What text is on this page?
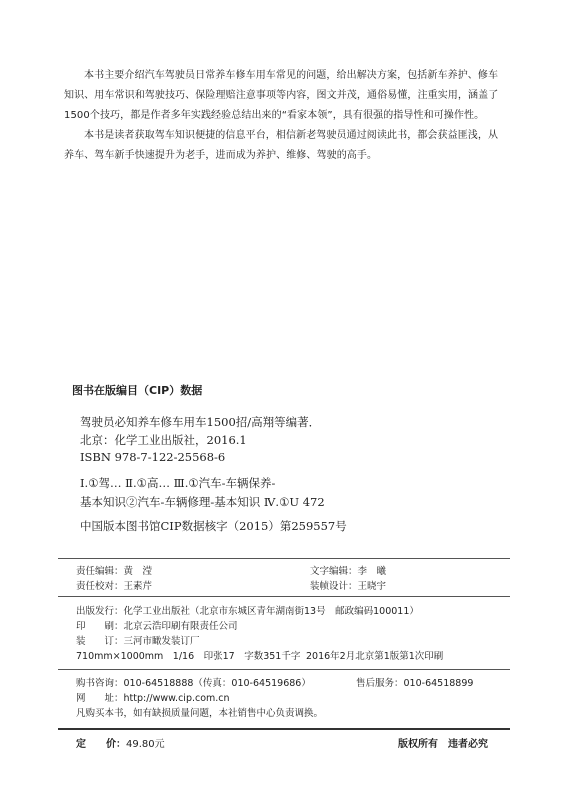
本书主要介绍汽车驾驶员日常养车修车用车常见的问题，给出解决方案，包括新车养护、修车知识、用车常识和驾驶技巧、保险理赔注意事项等内容，图文并茂，通俗易懂，注重实用，涵盖了1500个技巧，都是作者多年实践经验总结出来的“看家本领”，具有很强的指导性和可操作性。

本书是读者获取驾车知识便捷的信息平台，相信新老驾驶员通过阅读此书，都会获益匪浅，从养车、驾车新手快速提升为老手，进而成为养护、维修、驾驶的高手。

图书在版编目（CIP）数据
驾驶员必知养车修车用车1500招/高翔等编著．
北京：化学工业出版社，2016.1
ISBN 978-7-122-25568-6
Ⅰ.①驾… Ⅱ.①高… Ⅲ.①汽车-车辆保养-
基本知识②汽车-车辆修理-基本知识 Ⅳ.①U 472
中国版本图书馆CIP数据核字（2015）第259557号
责任编辑：黄　滢	文字编辑：李　曦
责任校对：王素芹	装帧设计：王晓宇
出版发行：化学工业出版社（北京市东城区青年湖南街13号　邮政编码100011）
印　　刷：北京云浩印刷有限责任公司
装　　订：三河市瞰发装订厂
710mm×1000mm　1/16　印张17　字数351千字 2016年2月北京第1版第1次印刷
购书咨询：010-64518888（传真：010-64519686）	售后服务：010-64518899
网　　址：http://www.cip.com.cn
凡购买本书，如有缺损质量问题，本社销售中心负责调换。
定　　价：49.80元	版权所有　违者必究
